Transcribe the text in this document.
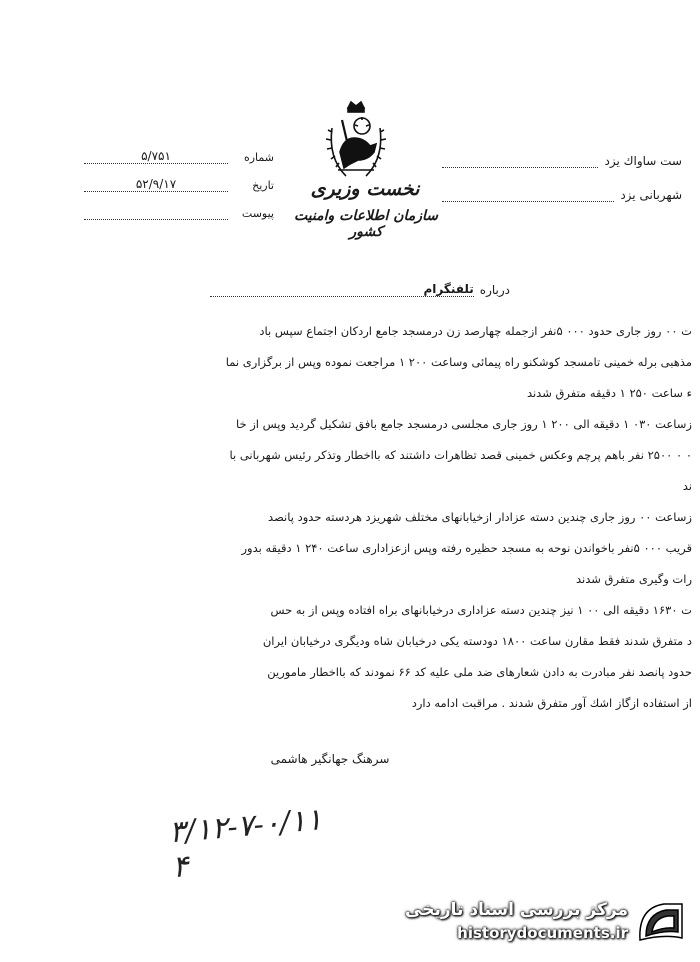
ست ساواك يزد
شهربانی يزد
شماره
۵/۷۵۱
تاريخ
۵۲/۹/۱۷
پيوست
نخست وزيری
سازمان اطلاعات وامنيت كشور
درباره
تلفنگرام
ت ۰۰ روز جاری حدود ۰۰۰ ۵نفر ازجمله چهارصد زن درمسجد جامع اردكان اجتماع سپس باد
مذهبی برله خمینی تامسجد كوشكنو راه پیمائی وساعت ۲۰۰ ۱ مراجعت نموده وپس از برگزاری نما
ء ساعت ۲۵۰ ۱ دقیقه متفرق شدند
زساعت ۰۳۰ ۱ دقیقه الی ۲۰۰ ۱ روز جاری مجلسی درمسجد جامع بافق تشكیل گردید وپس از خا
۰ ۰ ۲۵۰۰ نفر باهم پرچم وعكس خمینی قصد تظاهرات داشتند كه بااخطار وتذكر رئیس شهربانی با
ند
زساعت ۰۰ روز جاری چندین دسته عزادار ازخیابانهای مختلف شهریزد هردسته حدود پانصد
قریب ۰۰۰ ۵نفر باخواندن نوحه به مسجد حظیره رفته وپس ازعزاداری ساعت ۲۴۰ ۱ دقیقه بدور
رات وگیری متفرق شدند
ت ۱۶۳۰ دقیقه الی ۰۰ ۱ نیز چندین دسته عزاداری درخیابانهای براه افتاده وپس از به حس
د متفرق شدند فقط مقارن ساعت ۱۸۰۰ دودسته یكی درخیابان شاه ودیگری درخیابان ایران
حدود پانصد نفر مبادرت به دادن شعارهای ضد ملی علیه كد ۶۶ نمودند كه بااخطار مامورین
از استفاده ازگاز اشك آور متفرق شدند . مراقبت ادامه دارد
سرهنگ جهانگیر هاشمی
۳/۱۲-۷-۰/۱۱ ۴
مركز بررسی اسناد تاريخی
historydocuments.ir
